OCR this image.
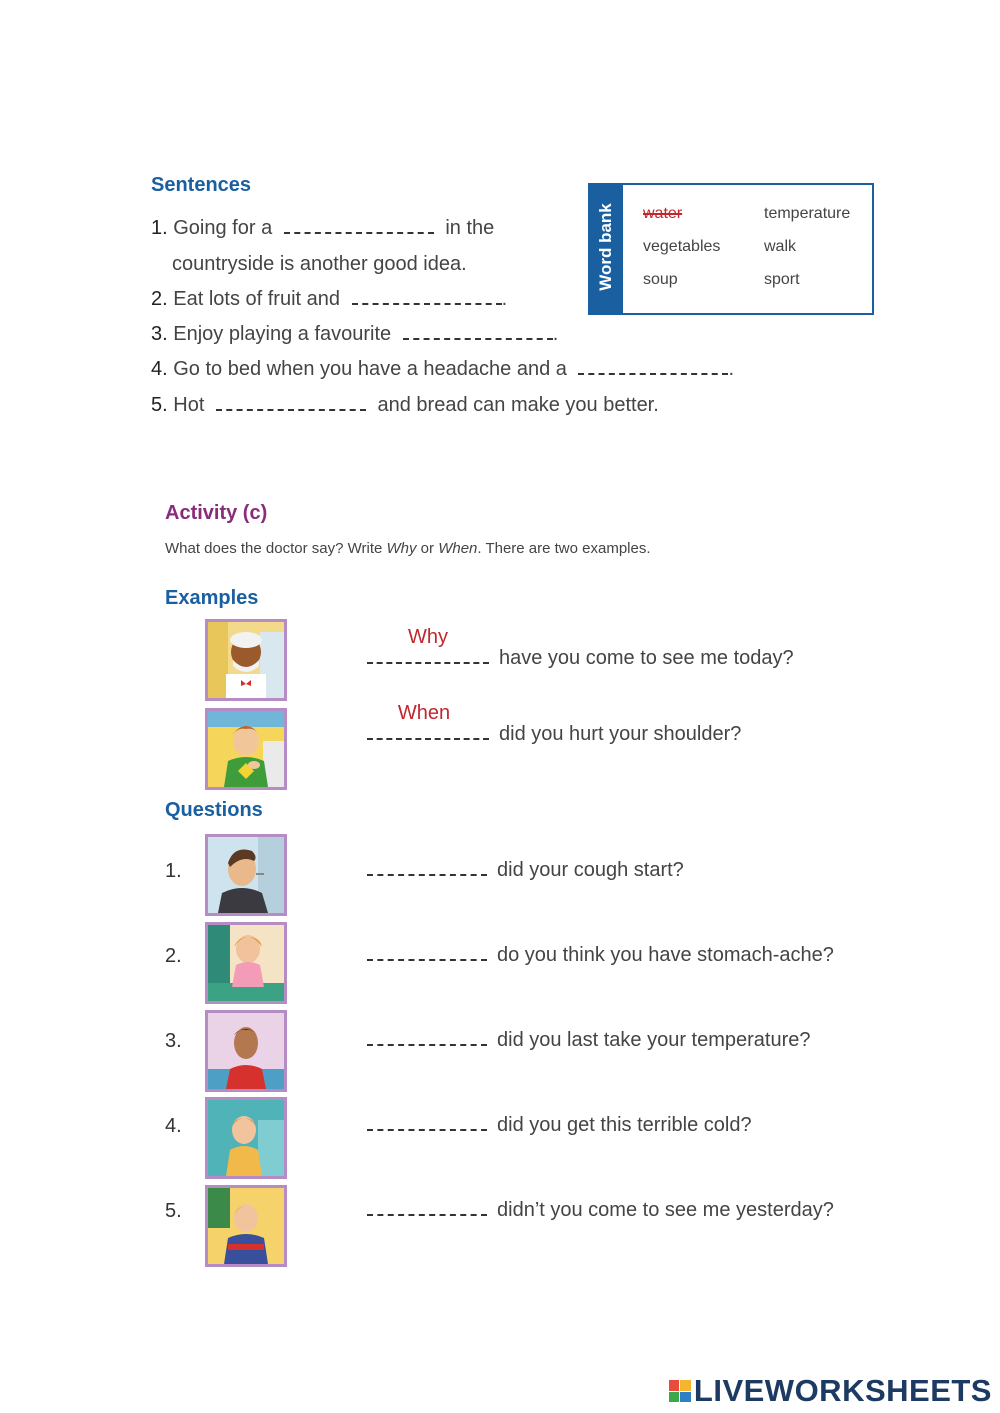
Sentences
1. Going for a	in the
countryside is another good idea.
2. Eat lots of fruit and	.
3. Enjoy playing a favourite	.
4. Go to bed when you have a headache and a	.
5. Hot	and bread can make you better.
Word bank water	temperature
vegetables	walk
soup	sport
Activity (c)
What does the doctor say? Write Why or When. There are two examples.
Examples
Why
have you come to see me today?
When
did you hurt your shoulder?
Questions
1.	did your cough start?
2.	do you think you have stomach-ache?
3.	did you last take your temperature?
4.	did you get this terrible cold?
5.	didn’t you come to see me yesterday?
LIVEWORKSHEETS
